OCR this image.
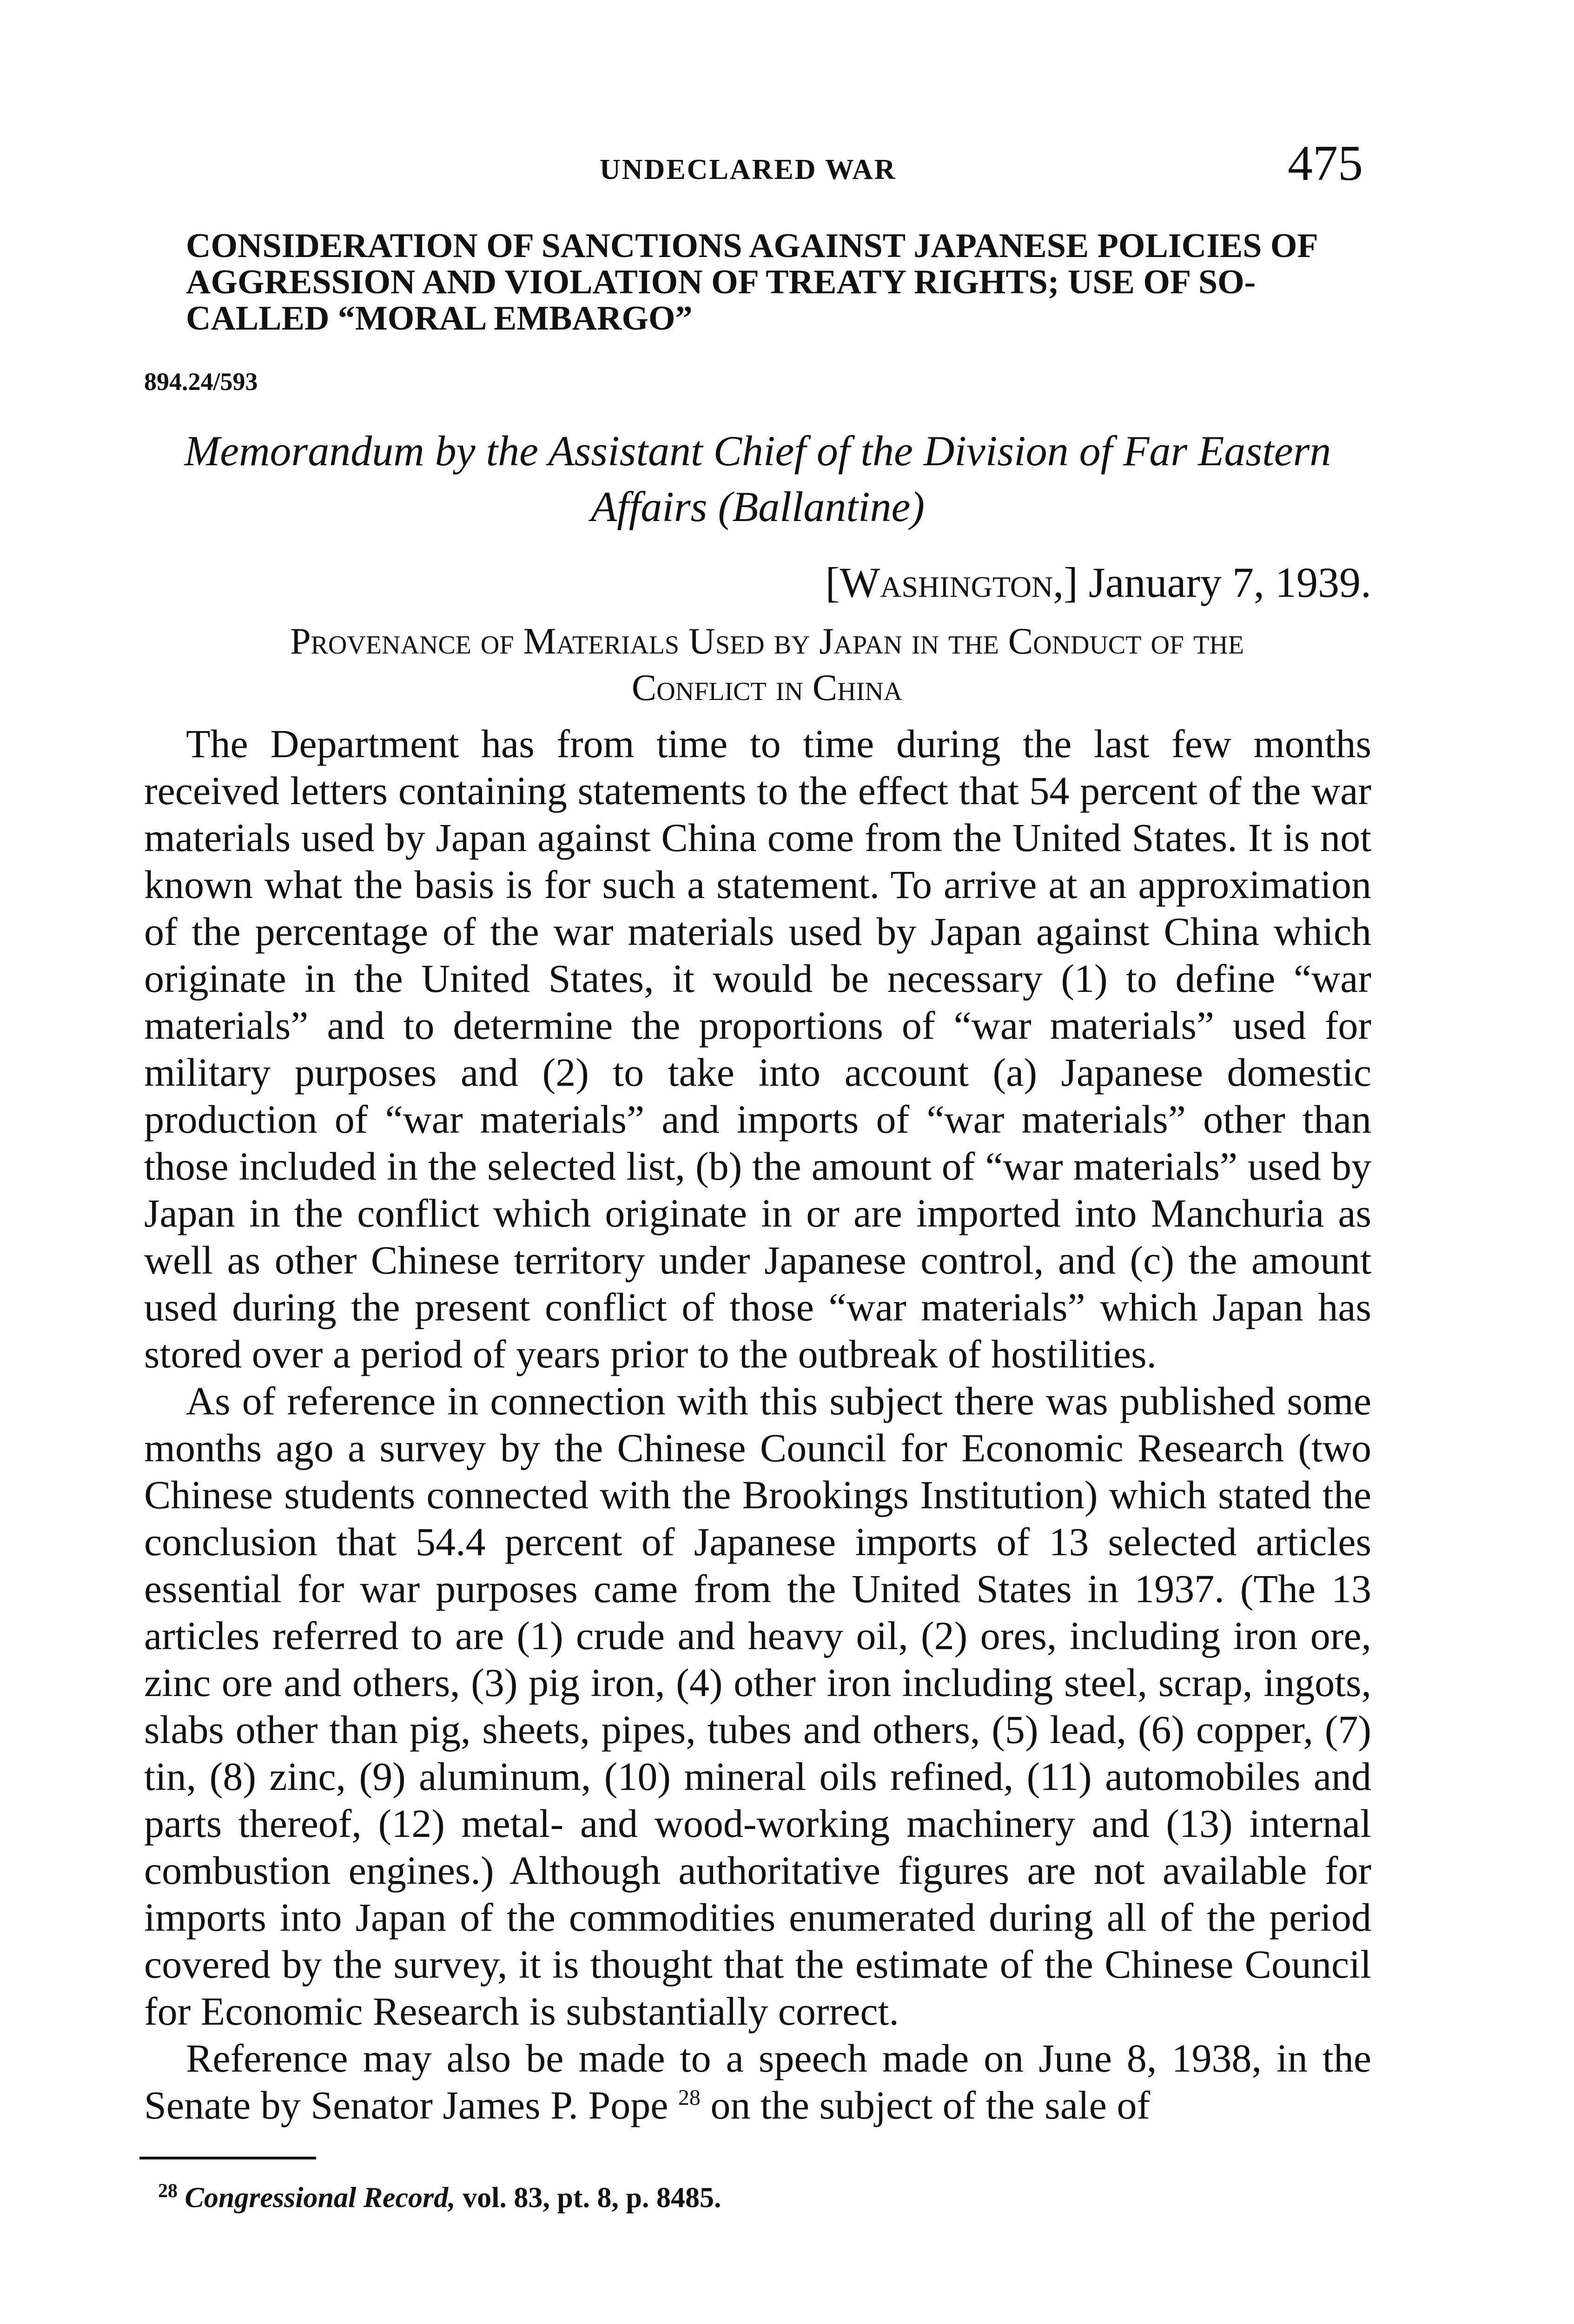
UNDECLARED WAR	475
CONSIDERATION OF SANCTIONS AGAINST JAPANESE POLICIES OF
AGGRESSION AND VIOLATION OF TREATY RIGHTS; USE OF SO-
CALLED “MORAL EMBARGO”
894.24/593
Memorandum by the Assistant Chief of the Division of Far Eastern
Affairs (Ballantine)
[Washington,] January 7, 1939.
Provenance of Materials Used by Japan in the Conduct of the
Conflict in China

The Department has from time to time during the last few months received letters containing statements to the effect that 54 percent of the war materials used by Japan against China come from the United States. It is not known what the basis is for such a statement. To arrive at an approximation of the percentage of the war materials used by Japan against China which originate in the United States, it would be necessary (1) to define “war materials” and to determine the proportions of “war materials” used for military purposes and (2) to take into account (a) Japanese domestic production of “war materials” and imports of “war materials” other than those included in the selected list, (b) the amount of “war materials” used by Japan in the conflict which originate in or are imported into Manchuria as well as other Chinese territory under Japanese control, and (c) the amount used during the present conflict of those “war materials” which Japan has stored over a period of years prior to the outbreak of hostilities.

As of reference in connection with this subject there was published some months ago a survey by the Chinese Council for Economic Research (two Chinese students connected with the Brookings Institution) which stated the conclusion that 54.4 percent of Japanese imports of 13 selected articles essential for war purposes came from the United States in 1937. (The 13 articles referred to are (1) crude and heavy oil, (2) ores, including iron ore, zinc ore and others, (3) pig iron, (4) other iron including steel, scrap, ingots, slabs other than pig, sheets, pipes, tubes and others, (5) lead, (6) copper, (7) tin, (8) zinc, (9) aluminum, (10) mineral oils refined, (11) automobiles and parts thereof, (12) metal- and wood-working machinery and (13) internal combustion engines.) Although authoritative figures are not available for imports into Japan of the commodities enumerated during all of the period covered by the survey, it is thought that the estimate of the Chinese Council for Economic Research is substantially correct.

Reference may also be made to a speech made on June 8, 1938, in the Senate by Senator James P. Pope $^{28}$ on the subject of the sale of

$^{28}$ Congressional Record, vol. 83, pt. 8, p. 8485.
